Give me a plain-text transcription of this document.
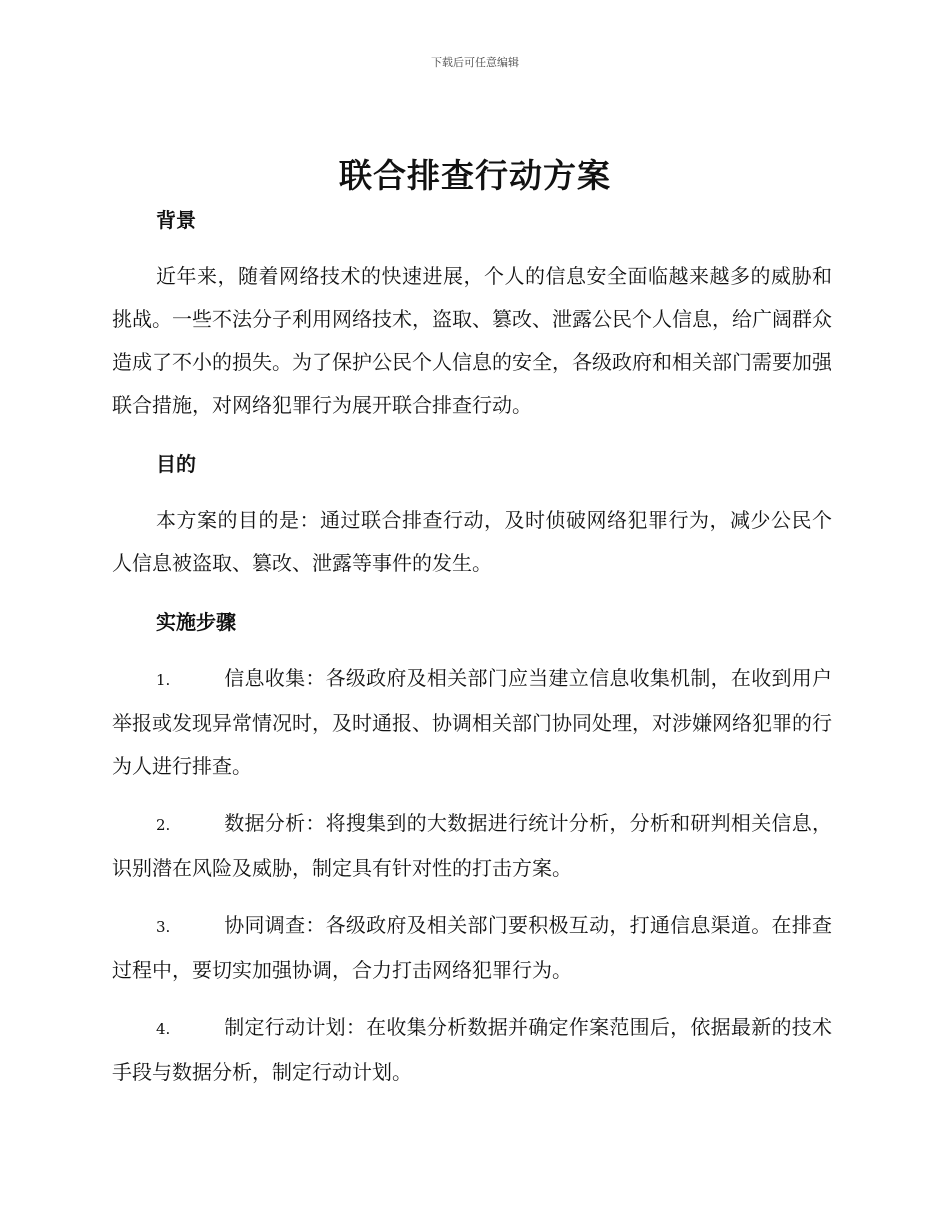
下载后可任意编辑
联合排查行动方案
背景

近年来，随着网络技术的快速进展，个人的信息安全面临越来越多的威胁和挑战。一些不法分子利用网络技术，盗取、篡改、泄露公民个人信息，给广阔群众造成了不小的损失。为了保护公民个人信息的安全，各级政府和相关部门需要加强联合措施，对网络犯罪行为展开联合排查行动。

目的

本方案的目的是：通过联合排查行动，及时侦破网络犯罪行为，减少公民个人信息被盗取、篡改、泄露等事件的发生。

实施步骤

1.	信息收集：各级政府及相关部门应当建立信息收集机制，在收到用户举报或发现异常情况时，及时通报、协调相关部门协同处理，对涉嫌网络犯罪的行为人进行排查。

2.	数据分析：将搜集到的大数据进行统计分析，分析和研判相关信息，识别潜在风险及威胁，制定具有针对性的打击方案。

3.	协同调查：各级政府及相关部门要积极互动，打通信息渠道。在排查过程中，要切实加强协调，合力打击网络犯罪行为。

4.	制定行动计划：在收集分析数据并确定作案范围后，依据最新的技术手段与数据分析，制定行动计划。
